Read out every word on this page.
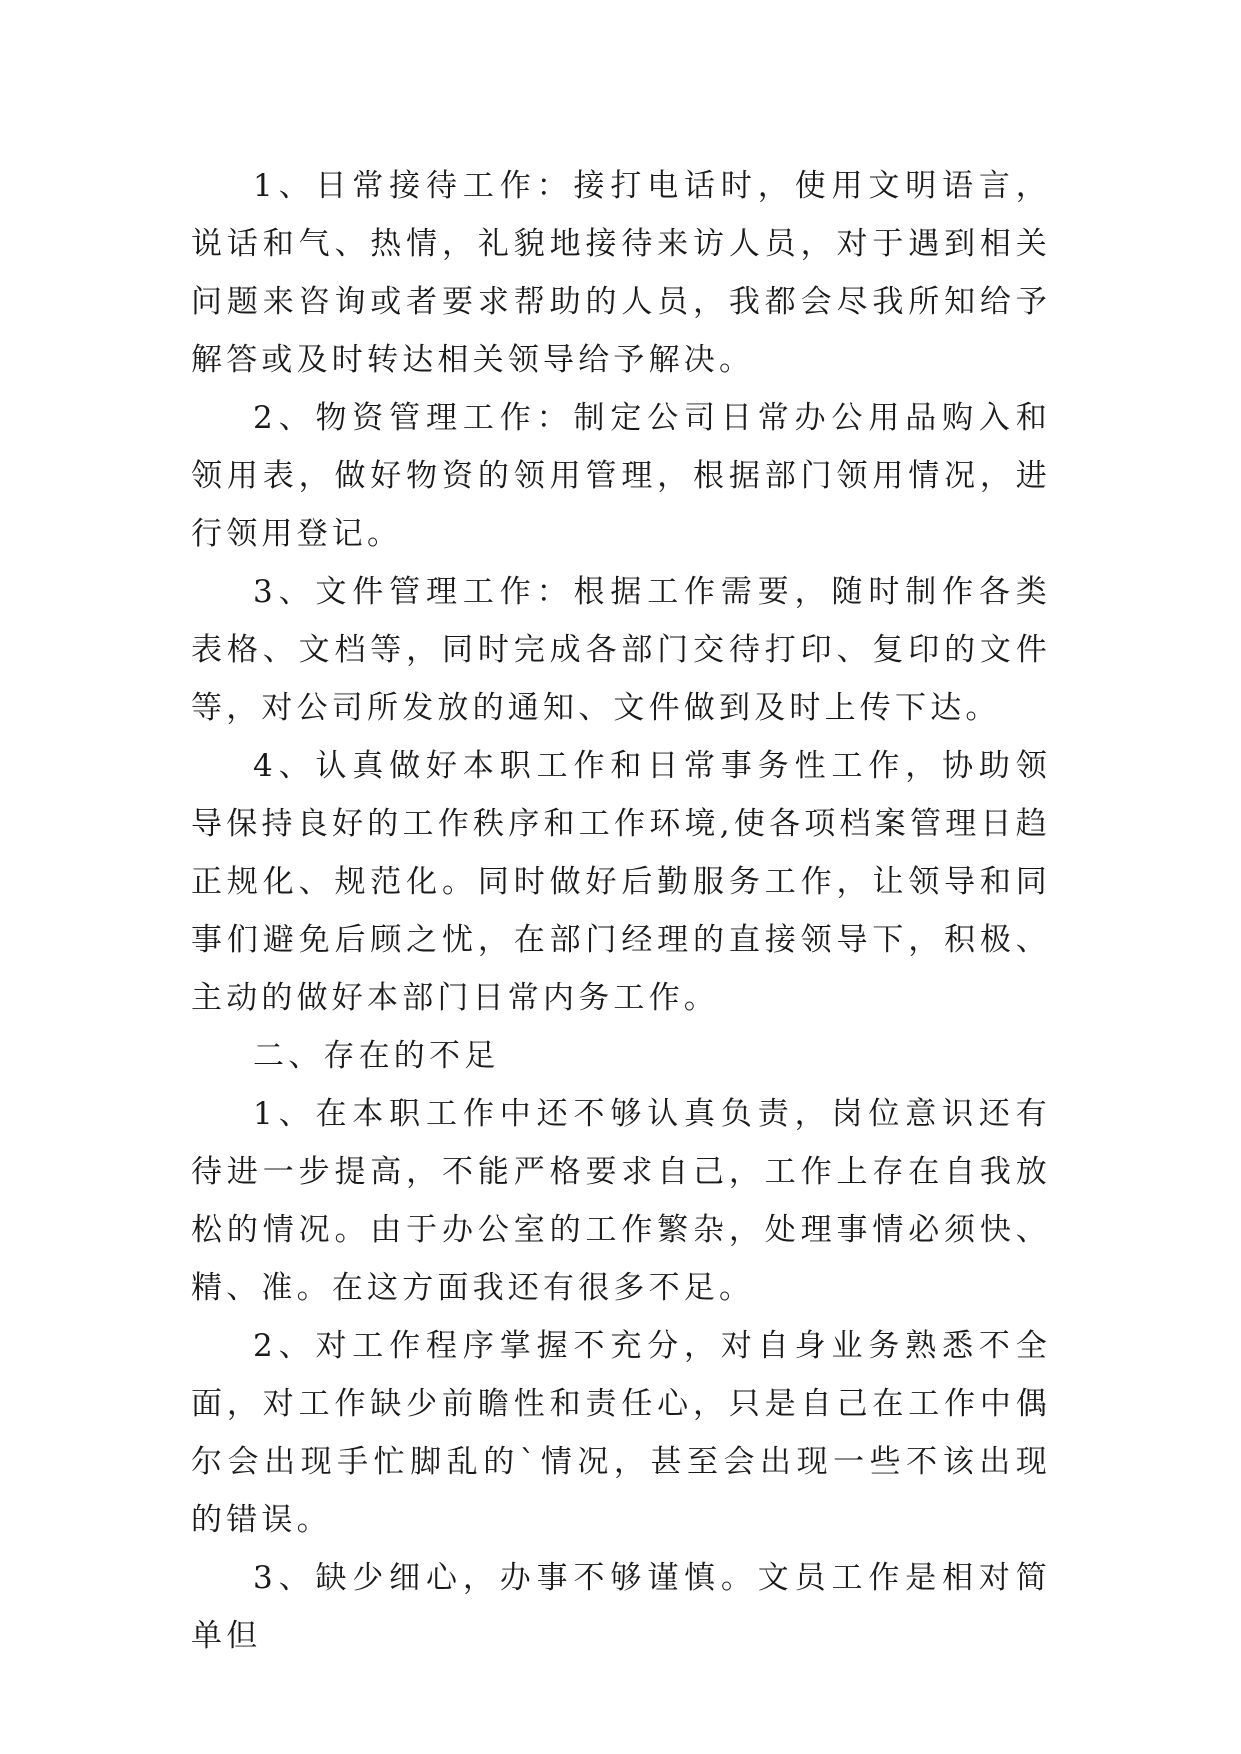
1、日常接待工作：接打电话时，使用文明语言，说话和气、热情，礼貌地接待来访人员，对于遇到相关问题来咨询或者要求帮助的人员，我都会尽我所知给予解答或及时转达相关领导给予解决。

2、物资管理工作：制定公司日常办公用品购入和领用表，做好物资的领用管理，根据部门领用情况，进行领用登记。

3、文件管理工作：根据工作需要，随时制作各类表格、文档等，同时完成各部门交待打印、复印的文件等，对公司所发放的通知、文件做到及时上传下达。

4、认真做好本职工作和日常事务性工作，协助领导保持良好的工作秩序和工作环境,使各项档案管理日趋正规化、规范化。同时做好后勤服务工作，让领导和同事们避免后顾之忧，在部门经理的直接领导下，积极、主动的做好本部门日常内务工作。

二、存在的不足

1、在本职工作中还不够认真负责，岗位意识还有待进一步提高，不能严格要求自己，工作上存在自我放松的情况。由于办公室的工作繁杂，处理事情必须快、精、准。在这方面我还有很多不足。

2、对工作程序掌握不充分，对自身业务熟悉不全面，对工作缺少前瞻性和责任心，只是自己在工作中偶尔会出现手忙脚乱的`情况，甚至会出现一些不该出现的错误。

3、缺少细心，办事不够谨慎。文员工作是相对简单但
